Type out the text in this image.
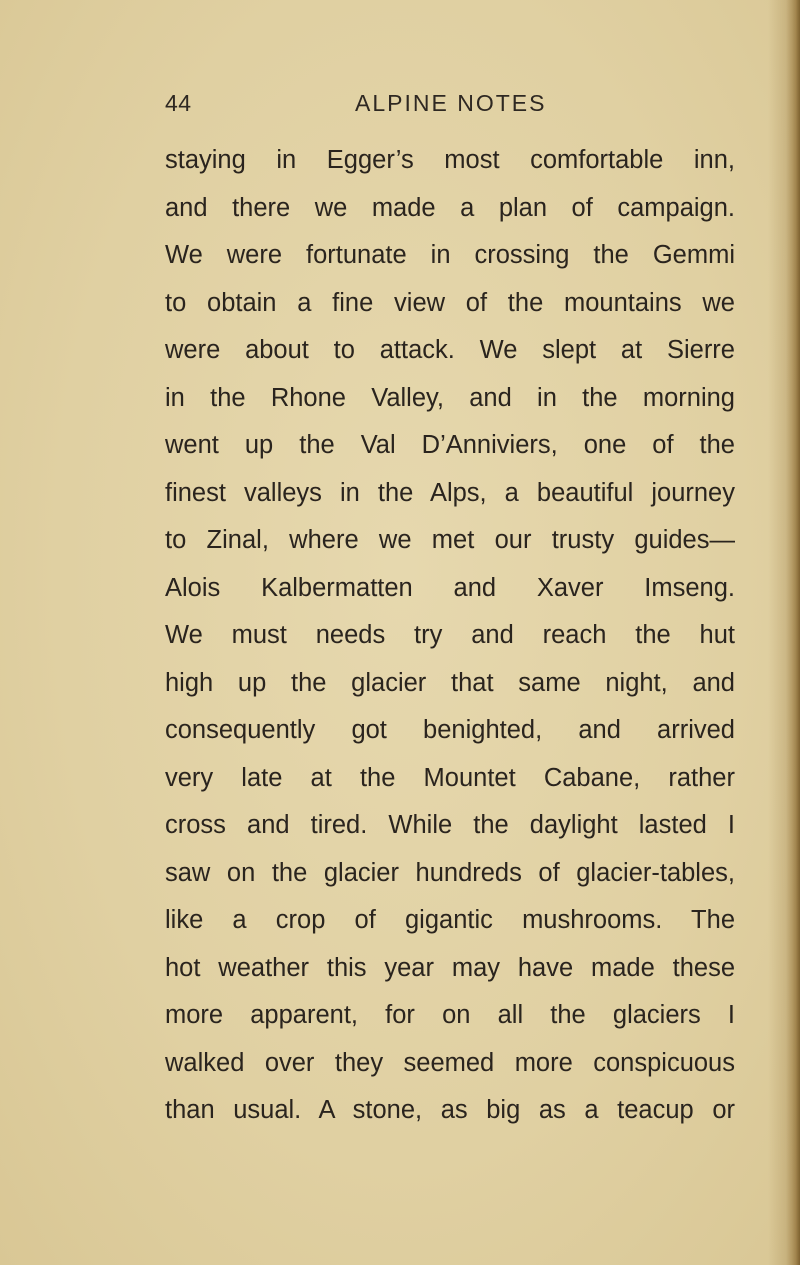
44	ALPINE NOTES
staying in Egger’s most comfortable inn,
and there we made a plan of campaign.
We were fortunate in crossing the Gemmi
to obtain a fine view of the mountains we
were about to attack. We slept at Sierre
in the Rhone Valley, and in the morning
went up the Val D’Anniviers, one of the
finest valleys in the Alps, a beautiful journey
to Zinal, where we met our trusty guides—
Alois Kalbermatten and Xaver Imseng.
We must needs try and reach the hut
high up the glacier that same night, and
consequently got benighted, and arrived
very late at the Mountet Cabane, rather
cross and tired. While the daylight lasted I
saw on the glacier hundreds of glacier-tables,
like a crop of gigantic mushrooms. The
hot weather this year may have made these
more apparent, for on all the glaciers I
walked over they seemed more conspicuous
than usual. A stone, as big as a teacup or
